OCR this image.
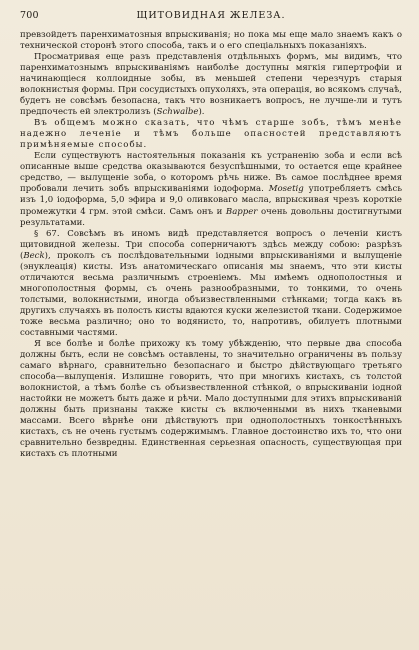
700	ЩИТОВИДНАЯ ЖЕЛЕЗА.

превзойдетъ паренхиматозныя впрыскиванія; но пока мы еще мало знаемъ какъ о технической сторонѣ этого способа, такъ и о его спеціальныхъ показаніяхъ.

Просматривая еще разъ представленія отдѣльныхъ формъ, мы видимъ, что паренхиматознымъ впрыскиваніямъ наиболѣе доступны мягкія гипертрофіи и начинающіеся коллоидные зобы, въ меньшей степени черезчуръ старыя волокнистыя формы. При сосудистыхъ опухоляхъ, эта операція, во всякомъ случаѣ, будетъ не совсѣмъ безопасна, такъ что возникаетъ вопросъ, не лучше-ли и тутъ предпочесть ей электролизъ (Schwalbe).

Въ общемъ можно сказать, что чѣмъ старше зобъ, тѣмъ менѣе надежно леченіе и тѣмъ больше опасностей представляютъ примѣняемые способы.

Если существуютъ настоятельныя показанія къ устраненію зоба и если всѣ описанные выше средства оказываются безуспѣшными, то остается еще крайнее средство, — вылущеніе зоба, о которомъ рѣчь ниже. Въ самое послѣднее время пробовали лечить зобъ впрыскиваніями іодоформа. Mosetig употребляетъ смѣсь изъ 1,0 іодоформа, 5,0 эфира и 9,0 оливковаго масла, впрыскивая чрезъ короткіе промежутки 4 грм. этой смѣси. Самъ онъ и Bapper очень довольны достигнутыми результатами.

§ 67. Совсѣмъ въ иномъ видѣ представляется вопросъ о леченіи кистъ щитовидной железы. Три способа соперничаютъ здѣсь между собою: разрѣзъ (Beck), проколъ съ послѣдовательными іодными впрыскиваніями и вылущеніе (энуклеація) кисты. Изъ анатомическаго описанія мы знаемъ, что эти кисты отличаются весьма различнымъ строеніемъ. Мы имѣемъ однополостныя и многополостныя формы, съ очень разнообразными, то тонкими, то очень толстыми, волокнистыми, иногда объизвествленными стѣнками; тогда какъ въ другихъ случаяхъ въ полость кисты вдаются куски железистой ткани. Содержимое тоже весьма различно; оно то водянисто, то, напротивъ, обилуетъ плотными составными частями.

Я все болѣе и болѣе прихожу къ тому убѣжденію, что первые два способа должны быть, если не совсѣмъ оставлены, то значительно ограничены въ пользу самаго вѣрнаго, сравнительно безопаснаго и быстро дѣйствующаго третьяго способа—вылущенія. Излишне говорить, что при многихъ кистахъ, съ толстой волокнистой, а тѣмъ болѣе съ объизвествленной стѣнкой, о впрыскиваніи іодной настойки не можетъ быть даже и рѣчи. Мало доступными для этихъ впрыскиваній должны быть признаны также кисты съ включенными въ нихъ тканевыми массами. Всего вѣрнѣе они дѣйствуютъ при однополостныхъ тонкостѣнныхъ кистахъ, съ не очень густымъ содержимымъ. Главное достоинство ихъ то, что они сравнительно безвредны. Единственная серьезная опасность, существующая при кистахъ съ плотными
